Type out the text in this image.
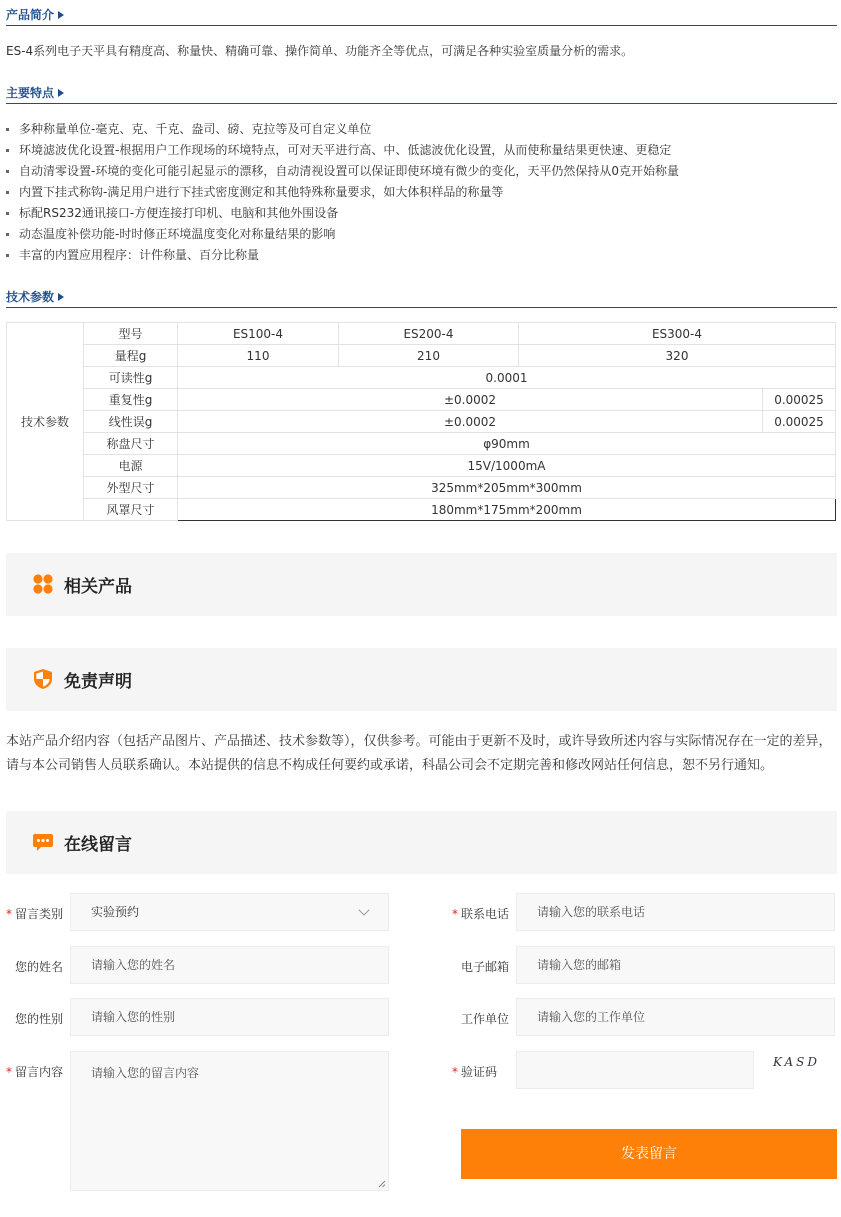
产品简介
ES-4系列电子天平具有精度高、称量快、精确可靠、操作简单、功能齐全等优点，可满足各种实验室质量分析的需求。
主要特点
多种称量单位-毫克、克、千克、盎司、磅、克拉等及可自定义单位
环境滤波优化设置-根据用户工作现场的环境特点，可对天平进行高、中、低滤波优化设置，从而使称量结果更快速、更稳定
自动清零设置-环境的变化可能引起显示的漂移，自动清视设置可以保证即使环境有微少的变化，天平仍然保持从0克开始称量
内置下挂式称钩-满足用户进行下挂式密度测定和其他特殊称量要求，如大体积样品的称量等
标配RS232通讯接口-方便连接打印机、电脑和其他外围设备
动态温度补偿功能-时时修正环境温度变化对称量结果的影响
丰富的内置应用程序：计件称量、百分比称量
技术参数
技术参数	型号	ES100-4	ES200-4	ES300-4	
	量程g	110	210	320	
	可读性g	0.0001			
	重复性g	±0.0002			0.00025
	线性误g	±0.0002			0.00025
	称盘尺寸	φ90mm			
	电源	15V/1000mA			
	外型尺寸	325mm*205mm*300mm			
	风罩尺寸	180mm*175mm*200mm			
相关产品
免责声明
本站产品介绍内容（包括产品图片、产品描述、技术参数等），仅供参考。可能由于更新不及时，或许导致所述内容与实际情况存在一定的差异，请与本公司销售人员联系确认。本站提供的信息不构成任何要约或承诺，科晶公司会不定期完善和修改网站任何信息，恕不另行通知。
在线留言
* 留言类别	实验预约
您的姓名	请输入您的姓名
您的性别	请输入您的性别
* 留言内容	请输入您的留言内容
* 联系电话	请输入您的联系电话
电子邮箱	请输入您的邮箱
工作单位	请输入您的工作单位
* 验证码
KASD
发表留言
